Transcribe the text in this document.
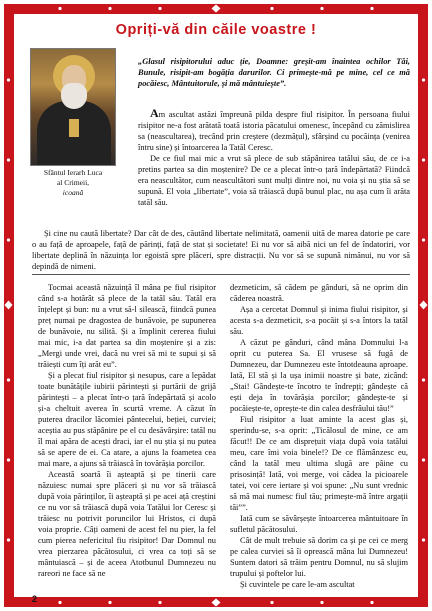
Opriți-vă din căile voastre !
Sfântul Ierarh Luca
al Crimeii,
icoană
„Glasul risipitorului aduc ție, Doamne: greșit-am înaintea ochilor Tăi, Bunule, risipit-am bogăția darurilor. Ci primește-mă pe mine, cel ce mă pocăiesc, Mântuitorule, și mă mântuiește”.

Am ascultat astăzi împreună pilda despre fiul risipitor. În persoana fiului risipitor ne-a fost arătată toată istoria păcatului omenesc, începând cu zămislirea sa (neascultarea), trecând prin creștere (dezmățul), sfârșind cu pocăința (venirea întru sine) și întoarcerea la Tatăl Ceresc.

De ce fiul mai mic a vrut să plece de sub stăpânirea tatălui său, de ce i-a pretins partea sa din moștenire? De ce a plecat într-o țară îndepărtată? Fiindcă era neascultător, cum neascultători sunt mulți dintre noi, nu voia și nu știa să se supună. El voia „libertate”, voia să trăiască după bunul plac, nu așa cum îi arăta tatăl său.

Și cine nu caută libertate? Dar cât de des, căutând libertate nelimitată, oamenii uită de marea datorie pe care o au față de aproapele, față de părinți, față de stat și societate! Ei nu vor să aibă nici un fel de îndatoriri, vor libertate deplină în năzuința lor egoistă spre plăceri, spre distracții. Nu vor să se supună nimănui, nu vor să depindă de nimeni.

Tocmai această năzuință îl mâna pe fiul risipitor când s-a hotărât să plece de la tatăl său. Tatăl era înțelept și bun: nu a vrut să-l silească, fiindcă punea preț numai pe dragostea de bunăvoie, pe supunerea de bunăvoie, nu silită. Și a împlinit cererea fiului mai mic, i-a dat partea sa din moștenire și a zis: „Mergi unde vrei, dacă nu vrei să mi te supui și să trăiești cum îți arăt eu”.

Și a plecat fiul risipitor și nesupus, care a lepădat toate bunătățile iubirii părintești și purtării de grijă părintești – a plecat într-o țară îndepărtată și acolo și-a cheltuit averea în scurtă vreme. A căzut în puterea dracilor lăcomiei pântecelui, beției, curviei; aceștia au pus stăpânire pe el cu desăvârșire: tatăl nu îl mai apăra de acești draci, iar el nu știa și nu putea să se apere de ei. Ca atare, a ajuns la foametea cea mai mare, a ajuns să trăiască în tovărășia porcilor.

Această soartă îi așteaptă și pe tinerii care năzuiesc numai spre plăceri și nu vor să trăiască după voia părinților, îi așteaptă și pe acei ață creștini ce nu vor să trăiască după voia Tatălui lor Ceresc și trăiesc nu potrivit poruncilor lui Hristos, ci după voia proprie. Câți oameni de acest fel nu pier, la fel cum pierea nefericitul fiu risipitor! Dar Domnul nu vrea pierzarea păcătosului, ci vrea ca toți să se mântuiască – și de aceea Atotbunul Dumnezeu nu rareori ne face să ne

dezmeticim, să cădem pe gânduri, să ne oprim din căderea noastră.

Așa a cercetat Domnul și inima fiului risipitor, și acesta s-a dezmeticit, s-a pocăit și s-a întors la tatăl său.

A căzut pe gânduri, când mâna Domnului l-a oprit cu puterea Sa. El vrusese să fugă de Dumnezeu, dar Dumnezeu este întotdeauna aproape. Iată, El stă și la ușa inimii noastre și bate, zicând: „Stai! Gândește-te încotro te îndrepți; gândește că ești deja în tovărășia porcilor; gândește-te și pocăiește-te, oprește-te din calea desfrâului tău!”

Fiul risipitor a luat aminte la acest glas și, sperindu-se, s-a oprit: „Ticălosul de mine, ce am făcut!! De ce am disprețuit viața după voia tatălui meu, care îmi voia binele!? De ce flămânzesc eu, când la tatăl meu ultima slugă are pâine cu prisosință! Iată, voi merge, voi cădea la picioarele tatei, voi cere iertare și voi spune: „Nu sunt vrednic să mă mai numesc fiul tău; primește-mă între argații tăi””.

Iată cum se săvârșește întoarcerea mântuitoare în sufletul păcătosului.

Cât de mult trebuie să dorim ca și pe cei ce merg pe calea curviei să îi oprească mâna lui Dumnezeu! Suntem datori să trăim pentru Domnul, nu să slujim trupului și poftelor lui.

Și cuvintele pe care le-am ascultat

2
